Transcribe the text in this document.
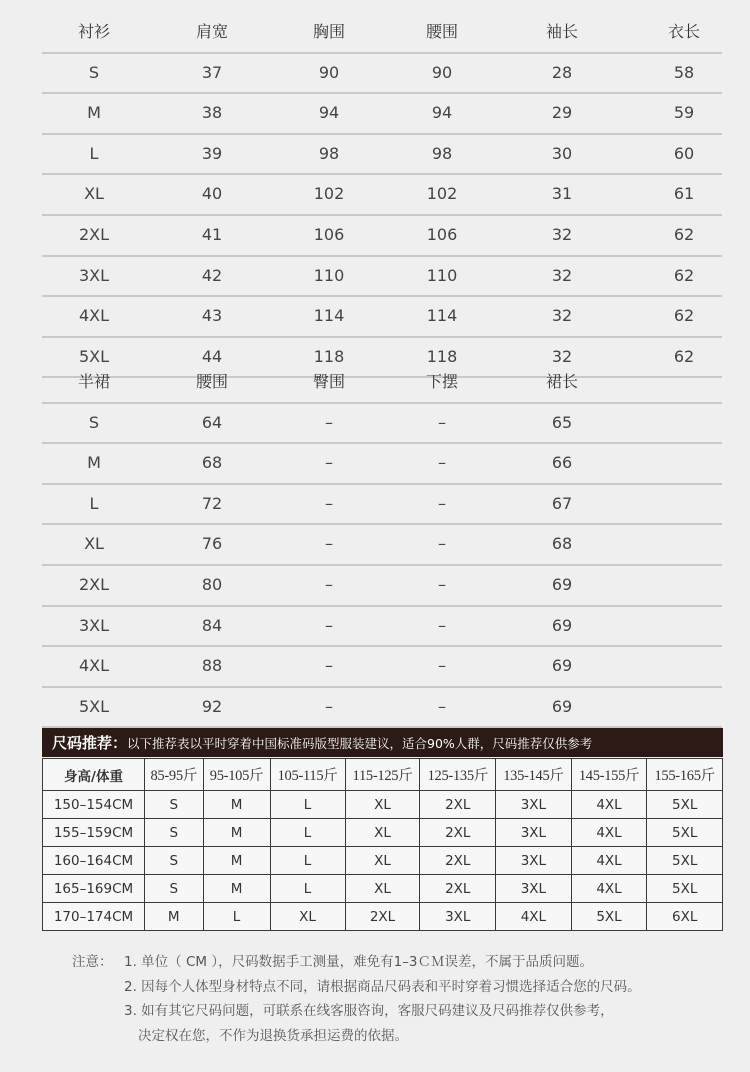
衬衫	肩宽	胸围	腰围	袖长	衣长
S	37	90	90	28	58
M	38	94	94	29	59
L	39	98	98	30	60
XL	40	102	102	31	61
2XL	41	106	106	32	62
3XL	42	110	110	32	62
4XL	43	114	114	32	62
5XL	44	118	118	32	62
半裙	腰围	臀围	下摆	裙长
S	64	–	–	65
M	68	–	–	66
L	72	–	–	67
XL	76	–	–	68
2XL	80	–	–	69
3XL	84	–	–	69
4XL	88	–	–	69
5XL	92	–	–	69
尺码推荐： 以下推荐表以平时穿着中国标准码版型服装建议，适合90%人群，尺码推荐仅供参考
身高/体重	85-95斤	95-105斤	105-115斤	115-125斤	125-135斤	135-145斤	145-155斤	155-165斤
150–154CM	S	M	L	XL	2XL	3XL	4XL	5XL
155–159CM	S	M	L	XL	2XL	3XL	4XL	5XL
160–164CM	S	M	L	XL	2XL	3XL	4XL	5XL
165–169CM	S	M	L	XL	2XL	3XL	4XL	5XL
170–174CM	M	L	XL	2XL	3XL	4XL	5XL	6XL
注意： 1. 单位（ CM ），尺码数据手工测量，难免有1–3ＣＭ误差，不属于品质问题。
2. 因每个人体型身材特点不同，请根据商品尺码表和平时穿着习惯选择适合您的尺码。
3. 如有其它尺码问题，可联系在线客服咨询，客服尺码建议及尺码推荐仅供参考，
决定权在您，不作为退换货承担运费的依据。
